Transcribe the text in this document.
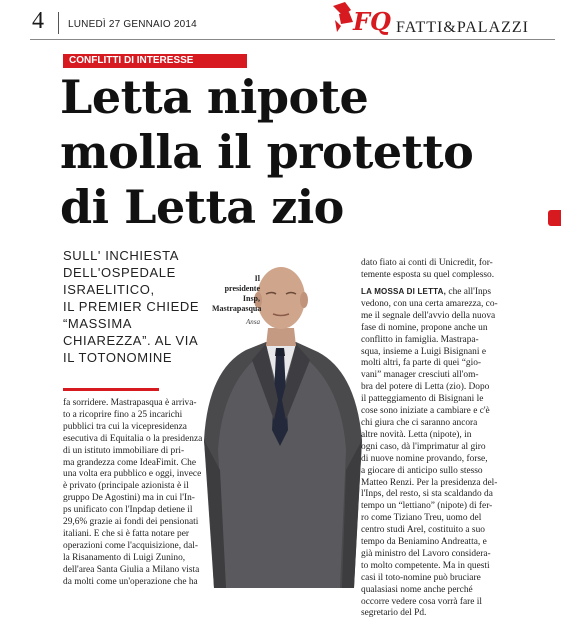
4 LUNEDÌ 27 GENNAIO 2014	FQ FATTI&PALAZZI
CONFLITTI DI INTERESSE
Letta nipote
molla il protetto
di Letta zio
SULL' INCHIESTA
DELL'OSPEDALE
ISRAELITICO,
IL PREMIER CHIEDE
“MASSIMA
CHIAREZZA”. AL VIA
IL TOTONOMINE
Il
presidente
Insp,
Mastrapasqua
Ansa
fa sorridere. Mastrapasqua è arriva-
to a ricoprire fino a 25 incarichi
pubblici tra cui la vicepresidenza
esecutiva di Equitalia o la presidenza
di un istituto immobiliare di pri-
ma grandezza come IdeaFimit. Che
una volta era pubblico e oggi, invece
è privato (principale azionista è il
gruppo De Agostini) ma in cui l'In-
ps unificato con l'Inpdap detiene il
29,6% grazie ai fondi dei pensionati
italiani. E che si è fatta notare per
operazioni come l'acquisizione, dal-
la Risanamento di Luigi Zunino,
dell'area Santa Giulia a Milano vista
da molti come un'operazione che ha
dato fiato ai conti di Unicredit, for-
temente esposta su quel complesso.
LA MOSSA DI LETTA, che all'Inps
vedono, con una certa amarezza, co-
me il segnale dell'avvio della nuova
fase di nomine, propone anche un
conflitto in famiglia. Mastrapa-
squa, insieme a Luigi Bisignani e
molti altri, fa parte di quei “gio-
vani” manager cresciuti all'om-
bra del potere di Letta (zio). Dopo
il patteggiamento di Bisignani le
cose sono iniziate a cambiare e c'è
chi giura che ci saranno ancora
altre novità. Letta (nipote), in
ogni caso, dà l'imprimatur al giro
di nuove nomine provando, forse,
a giocare di anticipo sullo stesso
Matteo Renzi. Per la presidenza del-
l'Inps, del resto, si sta scaldando da
tempo un “lettiano” (nipote) di fer-
ro come Tiziano Treu, uomo del
centro studi Arel, costituito a suo
tempo da Beniamino Andreatta, e
già ministro del Lavoro considera-
to molto competente. Ma in questi
casi il toto-nomine può bruciare
qualasiasi nome anche perché
occorre vedere cosa vorrà fare il
segretario del Pd.
